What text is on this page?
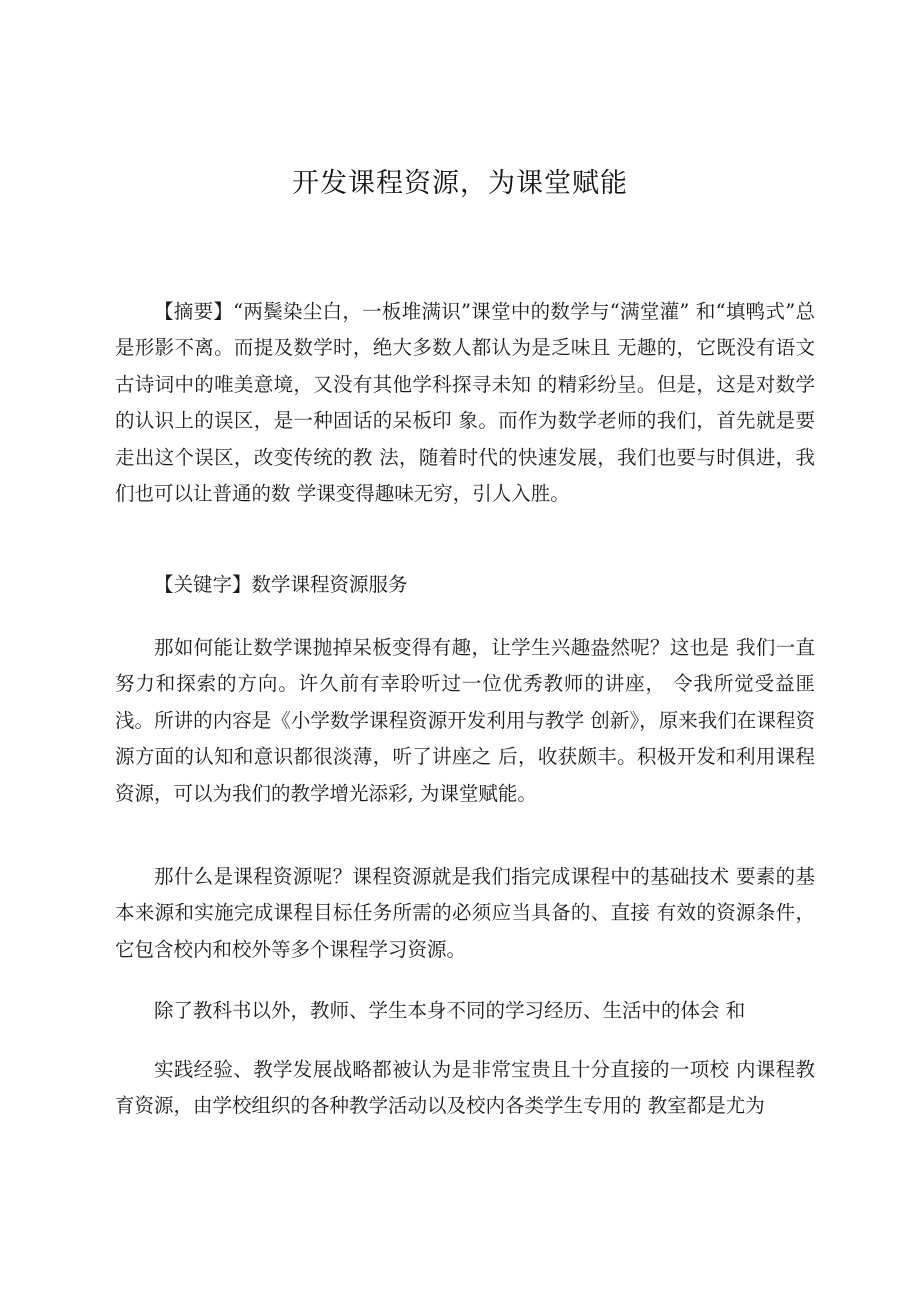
开发课程资源，为课堂赋能

【摘要】“两鬓染尘白，一板堆满识”课堂中的数学与“满堂灌” 和“填鸭式”总是形影不离。而提及数学时，绝大多数人都认为是乏味且 无趣的，它既没有语文古诗词中的唯美意境，又没有其他学科探寻未知 的精彩纷呈。但是，这是对数学的认识上的误区，是一种固话的呆板印 象。而作为数学老师的我们，首先就是要走出这个误区，改变传统的教 法，随着时代的快速发展，我们也要与时俱进，我们也可以让普通的数 学课变得趣味无穷，引人入胜。

【关键字】数学课程资源服务

那如何能让数学课抛掉呆板变得有趣，让学生兴趣盎然呢？这也是 我们一直努力和探索的方向。许久前有幸聆听过一位优秀教师的讲座， 令我所觉受益匪浅。所讲的内容是《小学数学课程资源开发利用与教学 创新》，原来我们在课程资源方面的认知和意识都很淡薄，听了讲座之 后，收获颇丰。积极开发和利用课程资源，可以为我们的教学增光添彩, 为课堂赋能。

那什么是课程资源呢？课程资源就是我们指完成课程中的基础技术 要素的基本来源和实施完成课程目标任务所需的必须应当具备的、直接 有效的资源条件，它包含校内和校外等多个课程学习资源。

除了教科书以外，教师、学生本身不同的学习经历、生活中的体会 和

实践经验、教学发展战略都被认为是非常宝贵且十分直接的一项校 内课程教育资源，由学校组织的各种教学活动以及校内各类学生专用的 教室都是尤为
